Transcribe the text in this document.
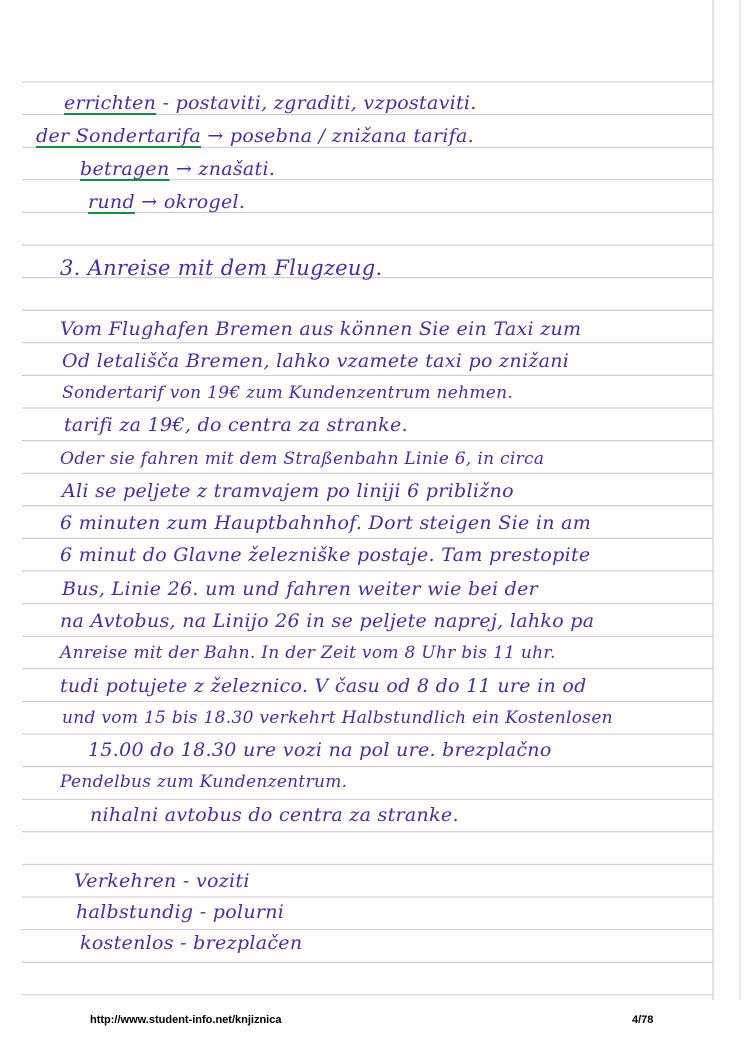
errichten - postaviti, zgraditi, vzpostaviti.
der Sondertarifa → posebna / znižana tarifa.
betragen → znašati.
rund → okrogel.
3. Anreise mit dem Flugzeug.
Vom Flughafen Bremen aus können Sie ein Taxi zum
Od letališča Bremen, lahko vzamete taxi po znižani
Sondertarif von 19€ zum Kundenzentrum nehmen.
tarifi za 19€, do centra za stranke.
Oder sie fahren mit dem Straßenbahn Linie 6, in circa
Ali se peljete z tramvajem po liniji 6 približno
6 minuten zum Hauptbahnhof. Dort steigen Sie in am
6 minut do Glavne železniške postaje. Tam prestopite
Bus, Linie 26. um und fahren weiter wie bei der
na Avtobus, na Linijo 26 in se peljete naprej, lahko pa
Anreise mit der Bahn. In der Zeit vom 8 Uhr bis 11 uhr.
tudi potujete z železnico. V času od 8 do 11 ure in od
und vom 15 bis 18.30 verkehrt Halbstundlich ein Kostenlosen
15.00 do 18.30 ure vozi na pol ure. brezplačno
Pendelbus zum Kundenzentrum.
nihalni avtobus do centra za stranke.
Verkehren - voziti
halbstundig - polurni
kostenlos - brezplačen
http://www.student-info.net/knjiznica	4/78
